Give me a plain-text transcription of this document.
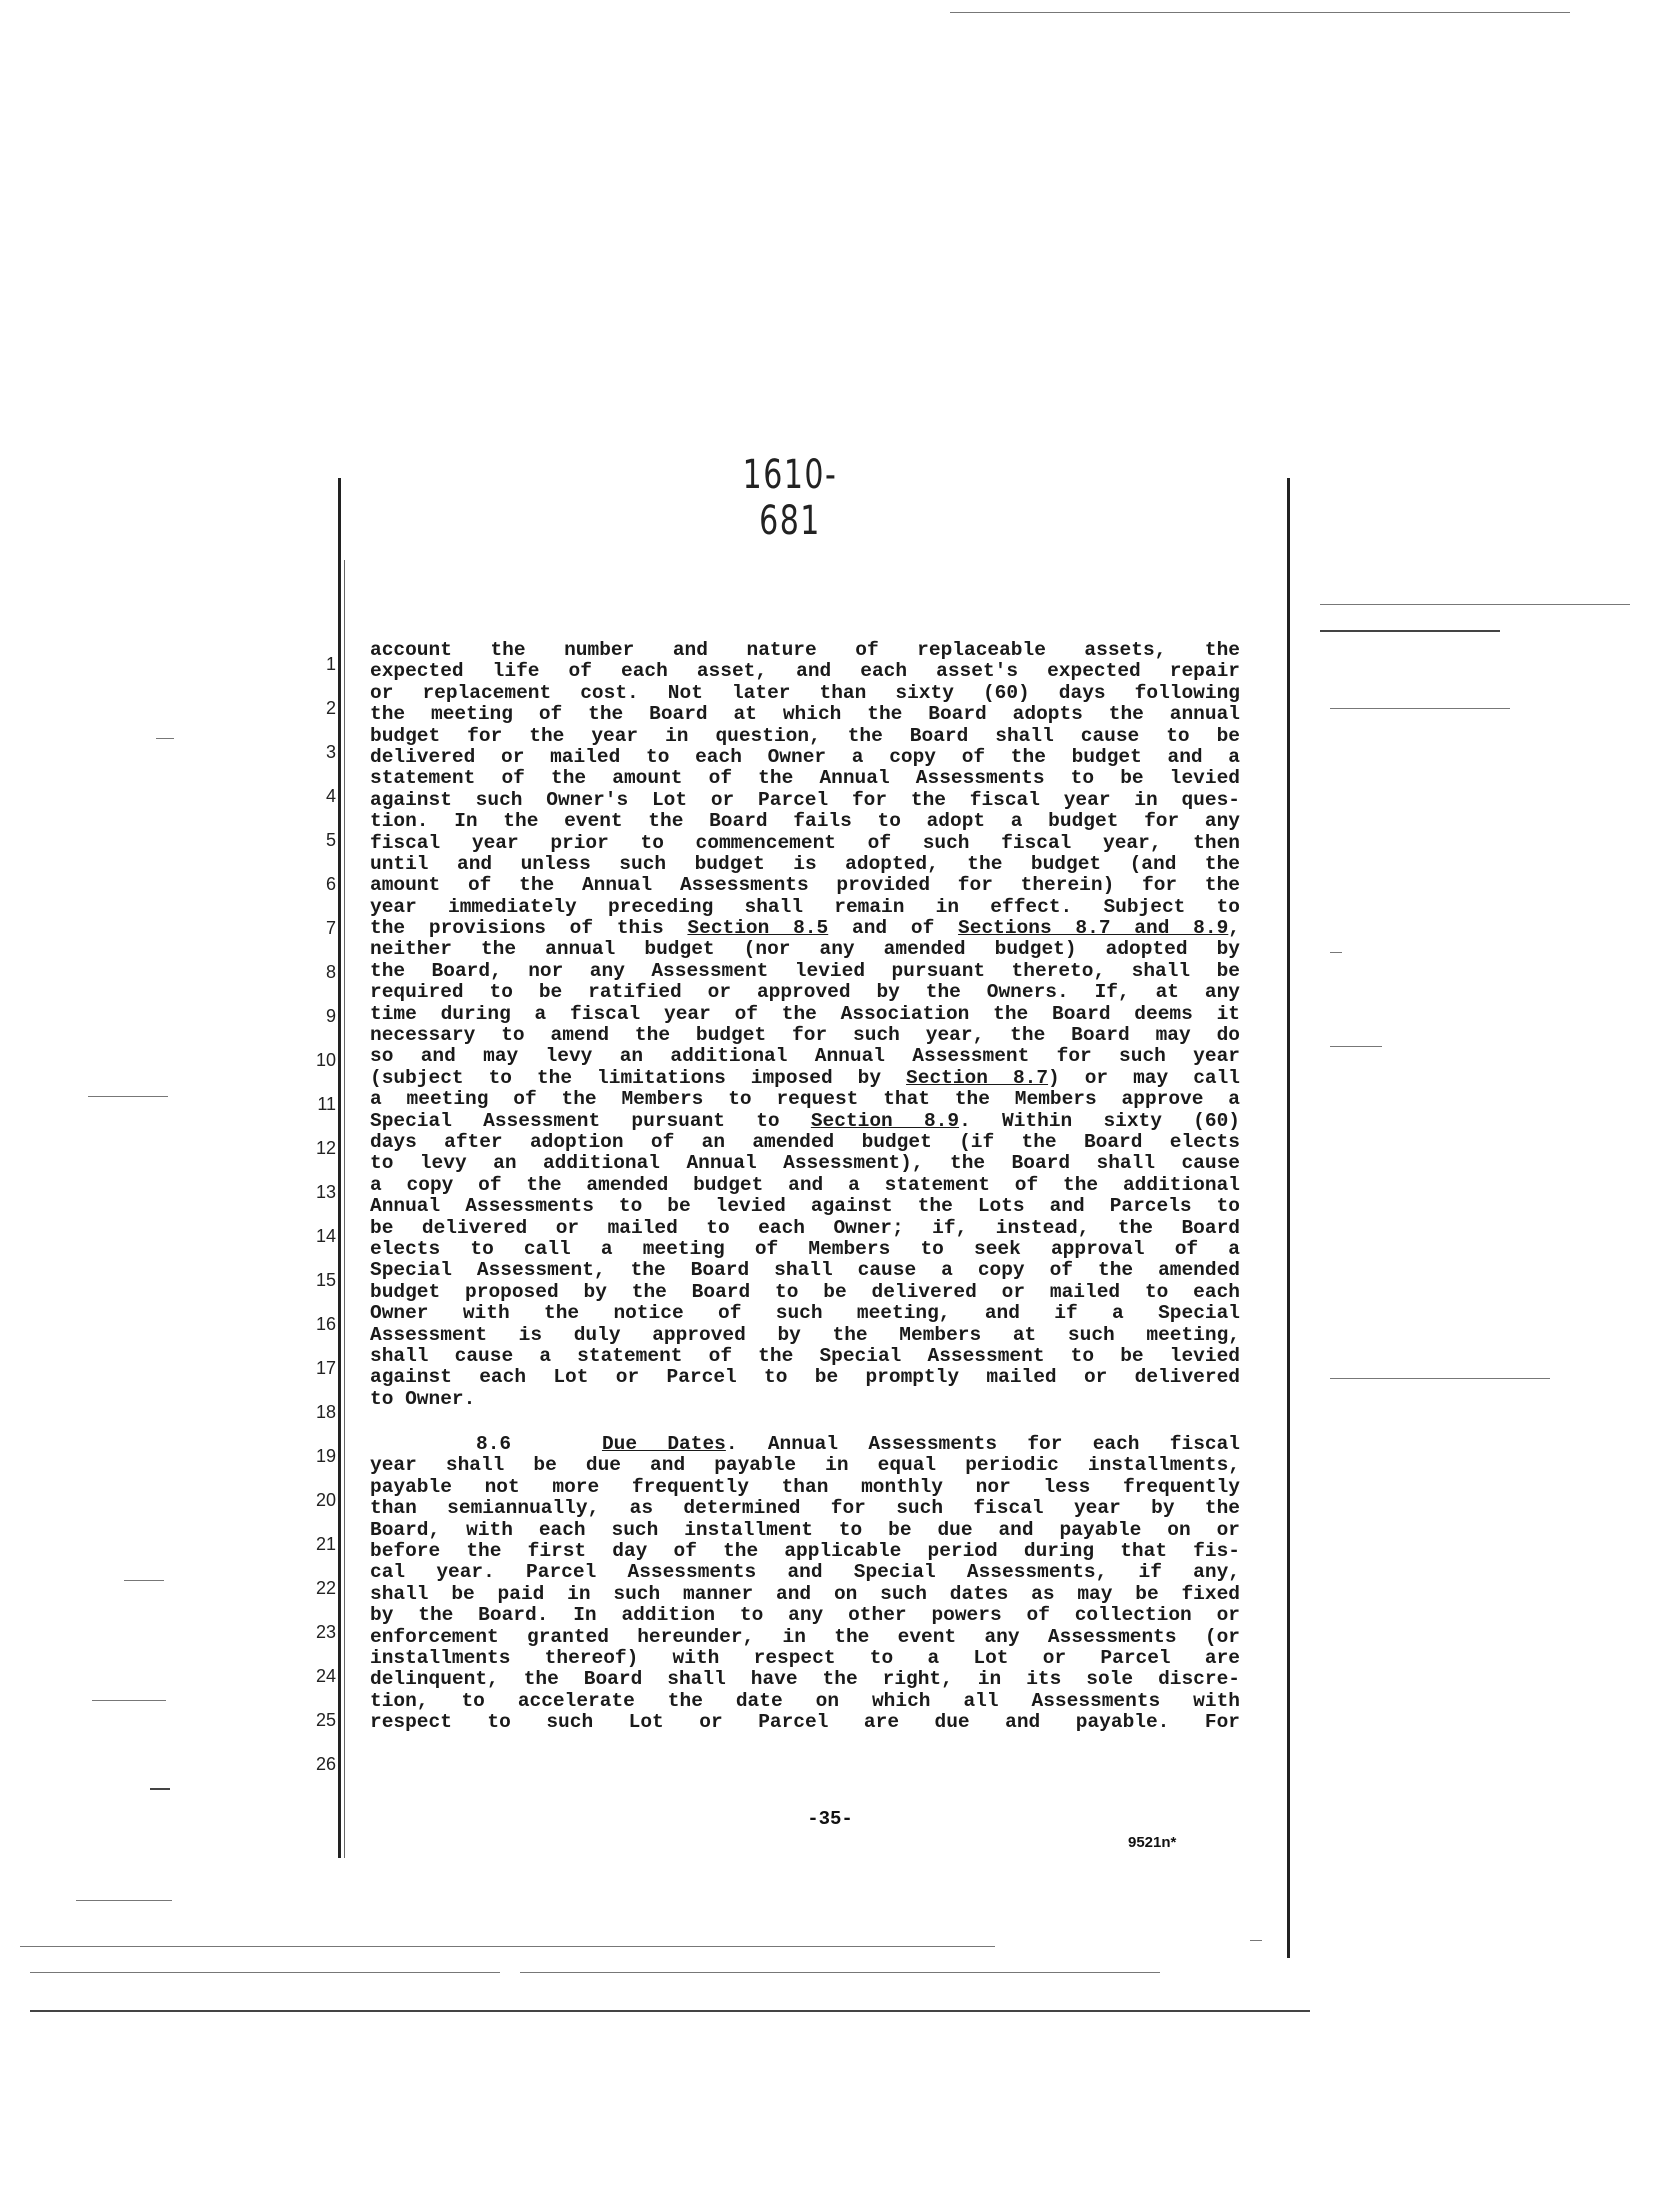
1610-681
1
2
3
4
5
6
7
8
9
10
11
12
13
14
15
16
17
18
19
20
21
22
23
24
25
26
account the number and nature of replaceable assets, the
expected life of each asset, and each asset's expected repair
or replacement cost. Not later than sixty (60) days following
the meeting of the Board at which the Board adopts the annual
budget for the year in question, the Board shall cause to be
delivered or mailed to each Owner a copy of the budget and a
statement of the amount of the Annual Assessments to be levied
against such Owner's Lot or Parcel for the fiscal year in ques-
tion. In the event the Board fails to adopt a budget for any
fiscal year prior to commencement of such fiscal year, then
until and unless such budget is adopted, the budget (and the
amount of the Annual Assessments provided for therein) for the
year immediately preceding shall remain in effect. Subject to
the provisions of this Section 8.5 and of Sections 8.7 and 8.9,
neither the annual budget (nor any amended budget) adopted by
the Board, nor any Assessment levied pursuant thereto, shall be
required to be ratified or approved by the Owners. If, at any
time during a fiscal year of the Association the Board deems it
necessary to amend the budget for such year, the Board may do
so and may levy an additional Annual Assessment for such year
(subject to the limitations imposed by Section 8.7) or may call
a meeting of the Members to request that the Members approve a
Special Assessment pursuant to Section 8.9. Within sixty (60)
days after adoption of an amended budget (if the Board elects
to levy an additional Annual Assessment), the Board shall cause
a copy of the amended budget and a statement of the additional
Annual Assessments to be levied against the Lots and Parcels to
be delivered or mailed to each Owner; if, instead, the Board
elects to call a meeting of Members to seek approval of a
Special Assessment, the Board shall cause a copy of the amended
budget proposed by the Board to be delivered or mailed to each
Owner with the notice of such meeting, and if a Special
Assessment is duly approved by the Members at such meeting,
shall cause a statement of the Special Assessment to be levied
against each Lot or Parcel to be promptly mailed or delivered
to Owner.
8.6	Due Dates. Annual Assessments for each fiscal
year shall be due and payable in equal periodic installments,
payable not more frequently than monthly nor less frequently
than semiannually, as determined for such fiscal year by the
Board, with each such installment to be due and payable on or
before the first day of the applicable period during that fis-
cal year. Parcel Assessments and Special Assessments, if any,
shall be paid in such manner and on such dates as may be fixed
by the Board. In addition to any other powers of collection or
enforcement granted hereunder, in the event any Assessments (or
installments thereof) with respect to a Lot or Parcel are
delinquent, the Board shall have the right, in its sole discre-
tion, to accelerate the date on which all Assessments with
respect to such Lot or Parcel are due and payable. For
-35-
9521n*
